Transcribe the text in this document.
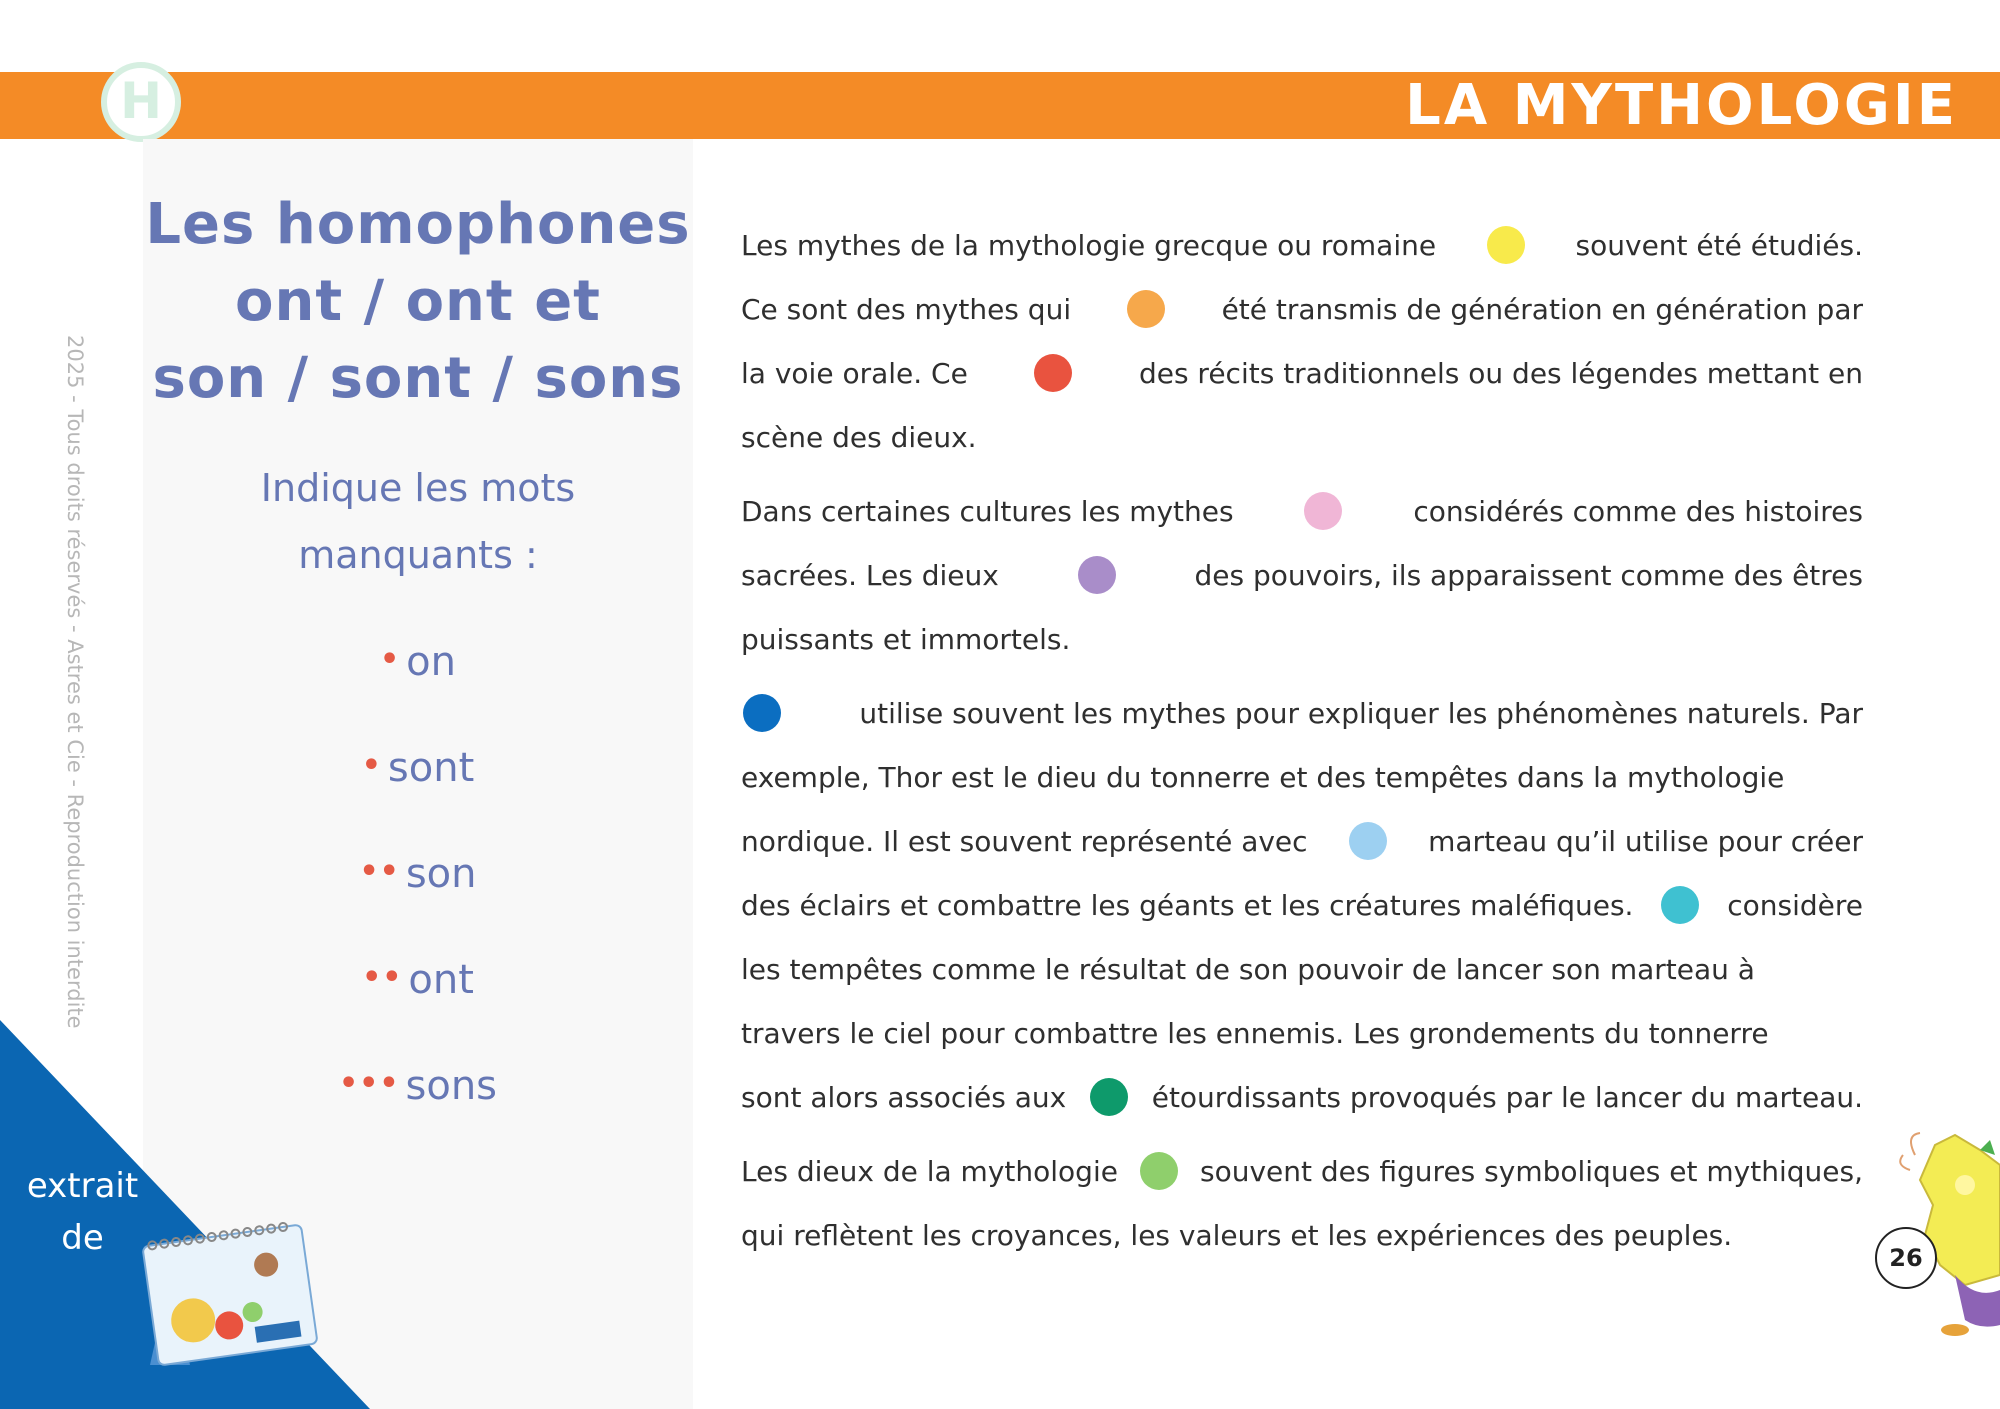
LA MYTHOLOGIE
H
Les homophones
ont / ont et
son / sont / sons
Indique les mots
manquants :
• on
• sont
•• son
•• ont
••• sons
2025 - Tous droits réservés - Astres et Cie - Reproduction interdite
Les mythes de la mythologie grecque ou romaine	souvent été étudiés.
Ce sont des mythes qui	été transmis de génération en génération par
la voie orale. Ce	des récits traditionnels ou des légendes mettant en
scène des dieux.
Dans certaines cultures les mythes	considérés comme des histoires
sacrées. Les dieux	des pouvoirs, ils apparaissent comme des êtres
puissants et immortels.
utilise souvent les mythes pour expliquer les phénomènes naturels. Par
exemple, Thor est le dieu du tonnerre et des tempêtes dans la mythologie
nordique. Il est souvent représenté avec	marteau qu’il utilise pour créer
des éclairs et combattre les géants et les créatures maléfiques.	considère
les tempêtes comme le résultat de son pouvoir de lancer son marteau à
travers le ciel pour combattre les ennemis. Les grondements du tonnerre
sont alors associés aux	étourdissants provoqués par le lancer du marteau.
Les dieux de la mythologie	souvent des figures symboliques et mythiques,
qui reflètent les croyances, les valeurs et les expériences des peuples.
extrait
de	26
